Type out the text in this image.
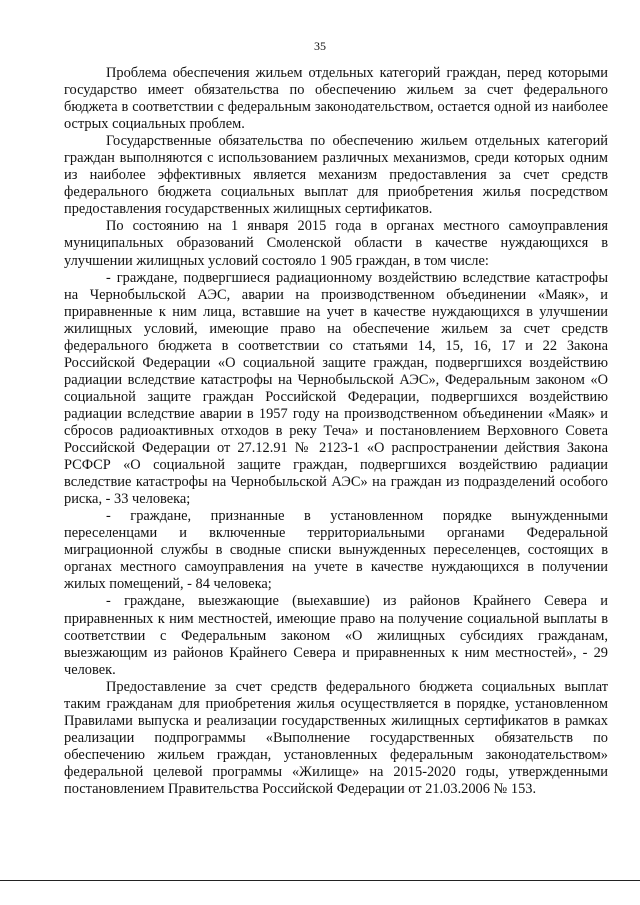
35

Проблема обеспечения жильем отдельных категорий граждан, перед которыми государство имеет обязательства по обеспечению жильем за счет федерального бюджета в соответствии с федеральным законодательством, остается одной из наиболее острых социальных проблем.

Государственные обязательства по обеспечению жильем отдельных категорий граждан выполняются с использованием различных механизмов, среди которых одним из наиболее эффективных является механизм предоставления за счет средств федерального бюджета социальных выплат для приобретения жилья посредством предоставления государственных жилищных сертификатов.

По состоянию на 1 января 2015 года в органах местного самоуправления муниципальных образований Смоленской области в качестве нуждающихся в улучшении жилищных условий состояло 1 905 граждан, в том числе:

- граждане, подвергшиеся радиационному воздействию вследствие катастрофы на Чернобыльской АЭС, аварии на производственном объединении «Маяк», и приравненные к ним лица, вставшие на учет в качестве нуждающихся в улучшении жилищных условий, имеющие право на обеспечение жильем за счет средств федерального бюджета в соответствии со статьями 14, 15, 16, 17 и 22 Закона Российской Федерации «О социальной защите граждан, подвергшихся воздействию радиации вследствие катастрофы на Чернобыльской АЭС», Федеральным законом «О социальной защите граждан Российской Федерации, подвергшихся воздействию радиации вследствие аварии в 1957 году на производственном объединении «Маяк» и сбросов радиоактивных отходов в реку Теча» и постановлением Верховного Совета Российской Федерации от 27.12.91 № 2123-1 «О распространении действия Закона РСФСР «О социальной защите граждан, подвергшихся воздействию радиации вследствие катастрофы на Чернобыльской АЭС» на граждан из подразделений особого риска, - 33 человека;

- граждане, признанные в установленном порядке вынужденными переселенцами и включенные территориальными органами Федеральной миграционной службы в сводные списки вынужденных переселенцев, состоящих в органах местного самоуправления на учете в качестве нуждающихся в получении жилых помещений, - 84 человека;

- граждане, выезжающие (выехавшие) из районов Крайнего Севера и приравненных к ним местностей, имеющие право на получение социальной выплаты в соответствии с Федеральным законом «О жилищных субсидиях гражданам, выезжающим из районов Крайнего Севера и приравненных к ним местностей», - 29 человек.

Предоставление за счет средств федерального бюджета социальных выплат таким гражданам для приобретения жилья осуществляется в порядке, установленном Правилами выпуска и реализации государственных жилищных сертификатов в рамках реализации подпрограммы «Выполнение государственных обязательств по обеспечению жильем граждан, установленных федеральным законодательством» федеральной целевой программы «Жилище» на 2015-2020 годы, утвержденными постановлением Правительства Российской Федерации от 21.03.2006 № 153.
